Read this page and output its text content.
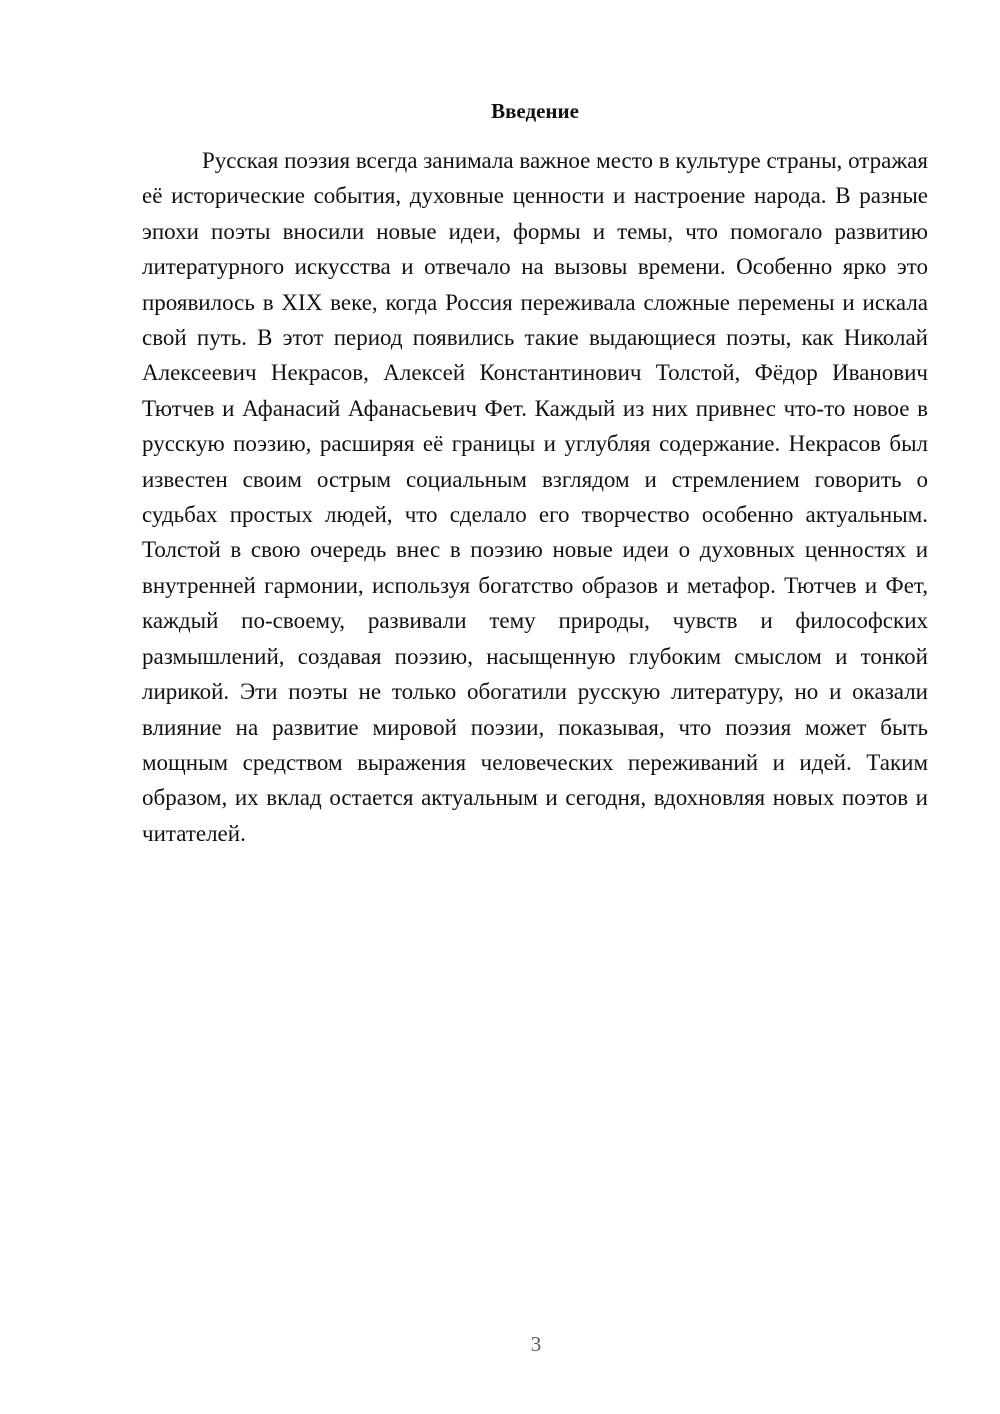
Введение

Русская поэзия всегда занимала важное место в культуре страны, отражая её исторические события, духовные ценности и настроение народа. В разные эпохи поэты вносили новые идеи, формы и темы, что помогало развитию литературного искусства и отвечало на вызовы времени. Особенно ярко это проявилось в XIX веке, когда Россия переживала сложные перемены и искала свой путь. В этот период появились такие выдающиеся поэты, как Николай Алексеевич Некрасов, Алексей Константинович Толстой, Фёдор Иванович Тютчев и Афанасий Афанасьевич Фет. Каждый из них привнес что-то новое в русскую поэзию, расширяя её границы и углубляя содержание. Некрасов был известен своим острым социальным взглядом и стремлением говорить о судьбах простых людей, что сделало его творчество особенно актуальным. Толстой в свою очередь внес в поэзию новые идеи о духовных ценностях и внутренней гармонии, используя богатство образов и метафор. Тютчев и Фет, каждый по-своему, развивали тему природы, чувств и философских размышлений, создавая поэзию, насыщенную глубоким смыслом и тонкой лирикой. Эти поэты не только обогатили русскую литературу, но и оказали влияние на развитие мировой поэзии, показывая, что поэзия может быть мощным средством выражения человеческих переживаний и идей. Таким образом, их вклад остается актуальным и сегодня, вдохновляя новых поэтов и читателей.

3
